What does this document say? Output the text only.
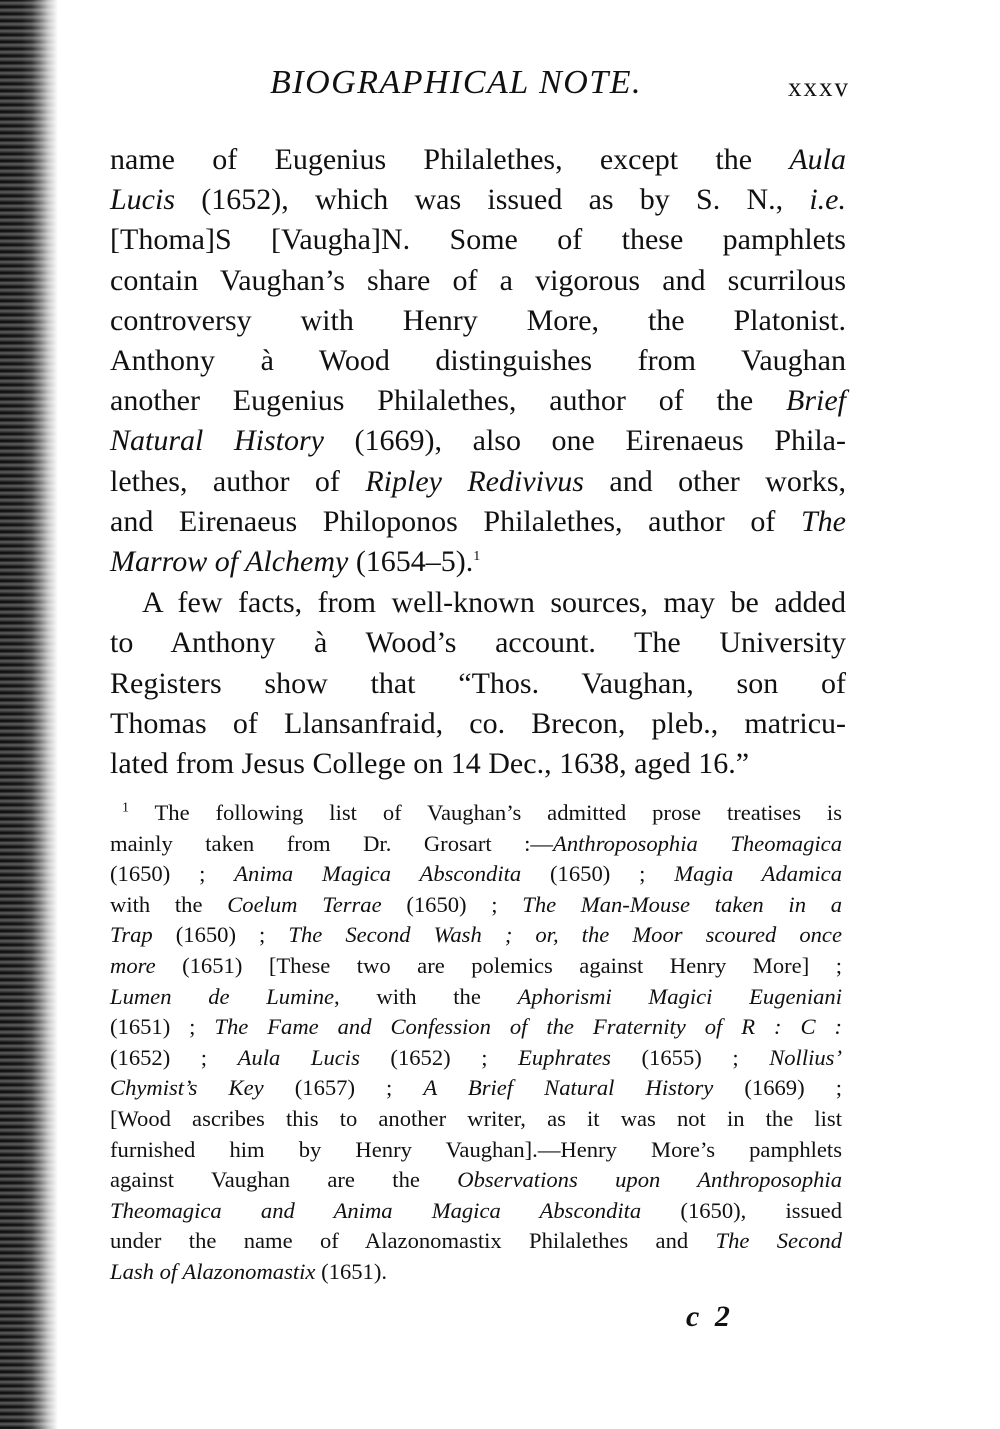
BIOGRAPHICAL NOTE.	xxxv
name of Eugenius Philalethes, except the Aula
Lucis (1652), which was issued as by S. N., i.e.
[Thoma]S [Vaugha]N. Some of these pamphlets
contain Vaughan’s share of a vigorous and scurrilous
controversy with Henry More, the Platonist.
Anthony à Wood distinguishes from Vaughan
another Eugenius Philalethes, author of the Brief
Natural History (1669), also one Eirenaeus Phila-
lethes, author of Ripley Redivivus and other works,
and Eirenaeus Philoponos Philalethes, author of The
Marrow of Alchemy (1654–5).$^1$
A few facts, from well-known sources, may be added
to Anthony à Wood’s account. The University
Registers show that “Thos. Vaughan, son of
Thomas of Llansanfraid, co. Brecon, pleb., matricu-
lated from Jesus College on 14 Dec., 1638, aged 16.”
$^1$ The following list of Vaughan’s admitted prose treatises is
mainly taken from Dr. Grosart :—Anthroposophia Theomagica
(1650) ; Anima Magica Abscondita (1650) ; Magia Adamica
with the Coelum Terrae (1650) ; The Man-Mouse taken in a
Trap (1650) ; The Second Wash ; or, the Moor scoured once
more (1651) [These two are polemics against Henry More] ;
Lumen de Lumine, with the Aphorismi Magici Eugeniani
(1651) ; The Fame and Confession of the Fraternity of R : C :
(1652) ; Aula Lucis (1652) ; Euphrates (1655) ; Nollius’
Chymist’s Key (1657) ; A Brief Natural History (1669) ;
[Wood ascribes this to another writer, as it was not in the list
furnished him by Henry Vaughan].—Henry More’s pamphlets
against Vaughan are the Observations upon Anthroposophia
Theomagica and Anima Magica Abscondita (1650), issued
under the name of Alazonomastix Philalethes and The Second
Lash of Alazonomastix (1651).
c 2
